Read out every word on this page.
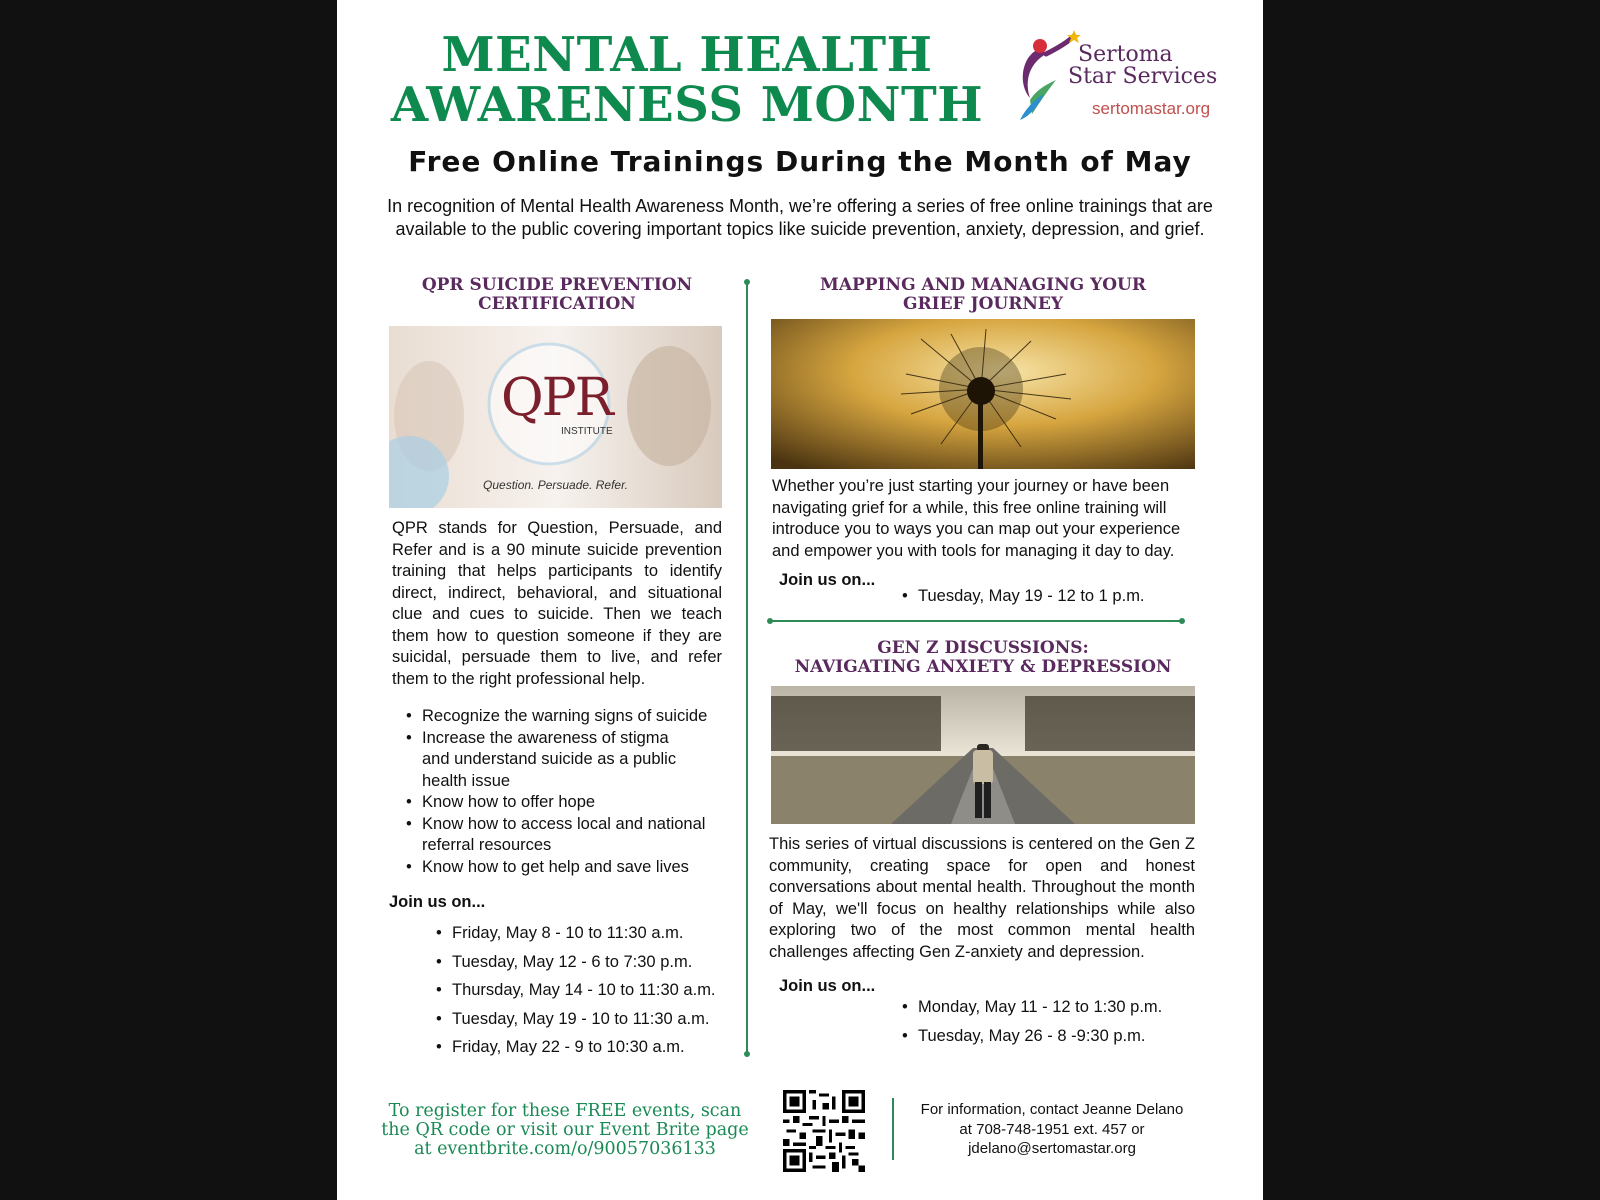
MENTAL HEALTH
AWARENESS MONTH
Sertoma
Star Services
sertomastar.org
Free Online Trainings During the Month of May
In recognition of Mental Health Awareness Month, we’re offering a series of free online trainings that are available to the public covering important topics like suicide prevention, anxiety, depression, and grief.
QPR SUICIDE PREVENTION
CERTIFICATION
QPR
INSTITUTE
Question. Persuade. Refer.
QPR stands for Question, Persuade, and Refer and is a 90 minute suicide prevention training that helps participants to identify direct, indirect, behavioral, and situational clue and cues to suicide. Then we teach them how to question someone if they are suicidal, persuade them to live, and refer them to the right professional help.
• Recognize the warning signs of suicide
• Increase the awareness of stigma and understand suicide as a public health issue
• Know how to offer hope
• Know how to access local and national referral resources
• Know how to get help and save lives
Join us on...
• Friday, May 8 - 10 to 11:30 a.m.
• Tuesday, May 12 - 6 to 7:30 p.m.
• Thursday, May 14 - 10 to 11:30 a.m.
• Tuesday, May 19 - 10 to 11:30 a.m.
• Friday, May 22 - 9 to 10:30 a.m.
MAPPING AND MANAGING YOUR
GRIEF JOURNEY
Whether you’re just starting your journey or have been navigating grief for a while, this free online training will introduce you to ways you can map out your experience and empower you with tools for managing it day to day.
Join us on...
• Tuesday, May 19 - 12 to 1 p.m.
GEN Z DISCUSSIONS:
NAVIGATING ANXIETY & DEPRESSION
This series of virtual discussions is centered on the Gen Z community, creating space for open and honest conversations about mental health. Throughout the month of May, we'll focus on healthy relationships while also exploring two of the most common mental health challenges affecting Gen Z-anxiety and depression.
Join us on...
• Monday, May 11 - 12 to 1:30 p.m.
• Tuesday, May 26 - 8 -9:30 p.m.
To register for these FREE events, scan
the QR code or visit our Event Brite page
at eventbrite.com/o/90057036133
For information, contact Jeanne Delano
at 708-748-1951 ext. 457 or
jdelano@sertomastar.org
